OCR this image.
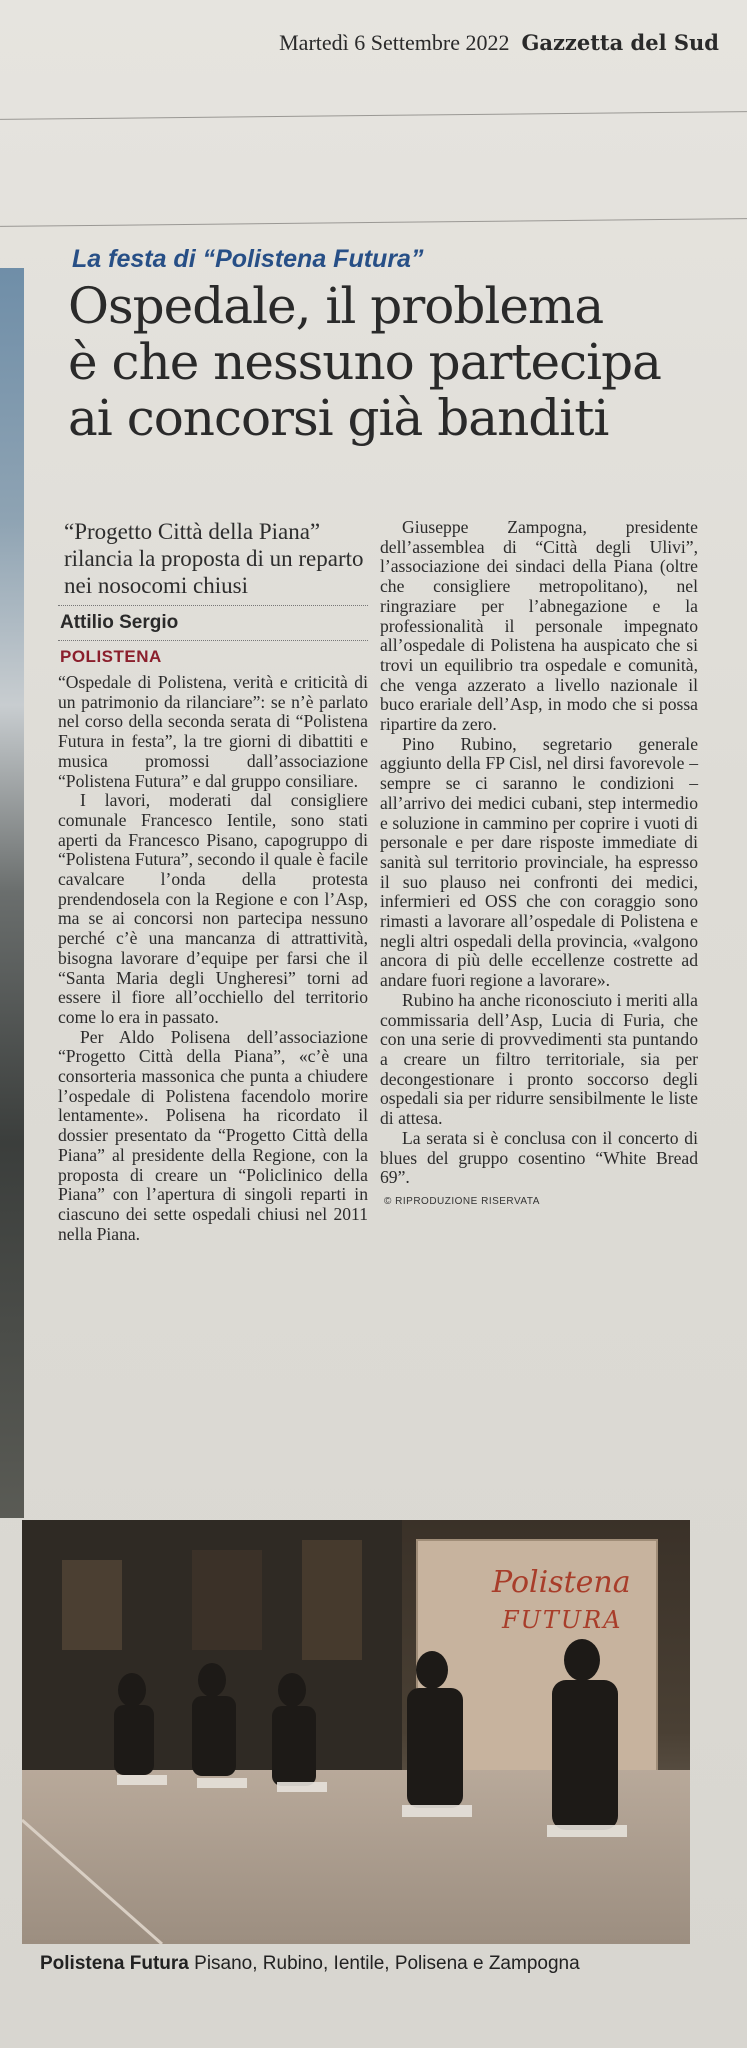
Martedì 6 Settembre 2022 Gazzetta del Sud
La festa di “Polistena Futura”
Ospedale, il problema
è che nessuno partecipa
ai concorsi già banditi
“Progetto Città della Piana” rilancia la proposta di un reparto nei nosocomi chiusi
Attilio Sergio
POLISTENA

“Ospedale di Polistena, verità e criticità di un patrimonio da rilanciare”: se n’è parlato nel corso della seconda serata di “Polistena Futura in festa”, la tre giorni di dibattiti e musica promossi dall’associazione “Polistena Futura” e dal gruppo consiliare.

I lavori, moderati dal consigliere comunale Francesco Ientile, sono stati aperti da Francesco Pisano, capogruppo di “Polistena Futura”, secondo il quale è facile cavalcare l’onda della protesta prendendosela con la Regione e con l’Asp, ma se ai concorsi non partecipa nessuno perché c’è una mancanza di attrattività, bisogna lavorare d’equipe per farsi che il “Santa Maria degli Ungheresi” torni ad essere il fiore all’occhiello del territorio come lo era in passato.

Per Aldo Polisena dell’associazione “Progetto Città della Piana”, «c’è una consorteria massonica che punta a chiudere l’ospedale di Polistena facendolo morire lentamente». Polisena ha ricordato il dossier presentato da “Progetto Città della Piana” al presidente della Regione, con la proposta di creare un “Policlinico della Piana” con l’apertura di singoli reparti in ciascuno dei sette ospedali chiusi nel 2011 nella Piana.

Giuseppe Zampogna, presidente dell’assemblea di “Città degli Ulivi”, l’associazione dei sindaci della Piana (oltre che consigliere metropolitano), nel ringraziare per l’abnegazione e la professionalità il personale impegnato all’ospedale di Polistena ha auspicato che si trovi un equilibrio tra ospedale e comunità, che venga azzerato a livello nazionale il buco erariale dell’Asp, in modo che si possa ripartire da zero.

Pino Rubino, segretario generale aggiunto della FP Cisl, nel dirsi favorevole – sempre se ci saranno le condizioni – all’arrivo dei medici cubani, step intermedio e soluzione in cammino per coprire i vuoti di personale e per dare risposte immediate di sanità sul territorio provinciale, ha espresso il suo plauso nei confronti dei medici, infermieri ed OSS che con coraggio sono rimasti a lavorare all’ospedale di Polistena e negli altri ospedali della provincia, «valgono ancora di più delle eccellenze costrette ad andare fuori regione a lavorare».

Rubino ha anche riconosciuto i meriti alla commissaria dell’Asp, Lucia di Furia, che con una serie di provvedimenti sta puntando a creare un filtro territoriale, sia per decongestionare i pronto soccorso degli ospedali sia per ridurre sensibilmente le liste di attesa.

La serata si è conclusa con il concerto di blues del gruppo cosentino “White Bread 69”.

© RIPRODUZIONE RISERVATA
Polistena
FUTURA
Polistena Futura Pisano, Rubino, Ientile, Polisena e Zampogna
